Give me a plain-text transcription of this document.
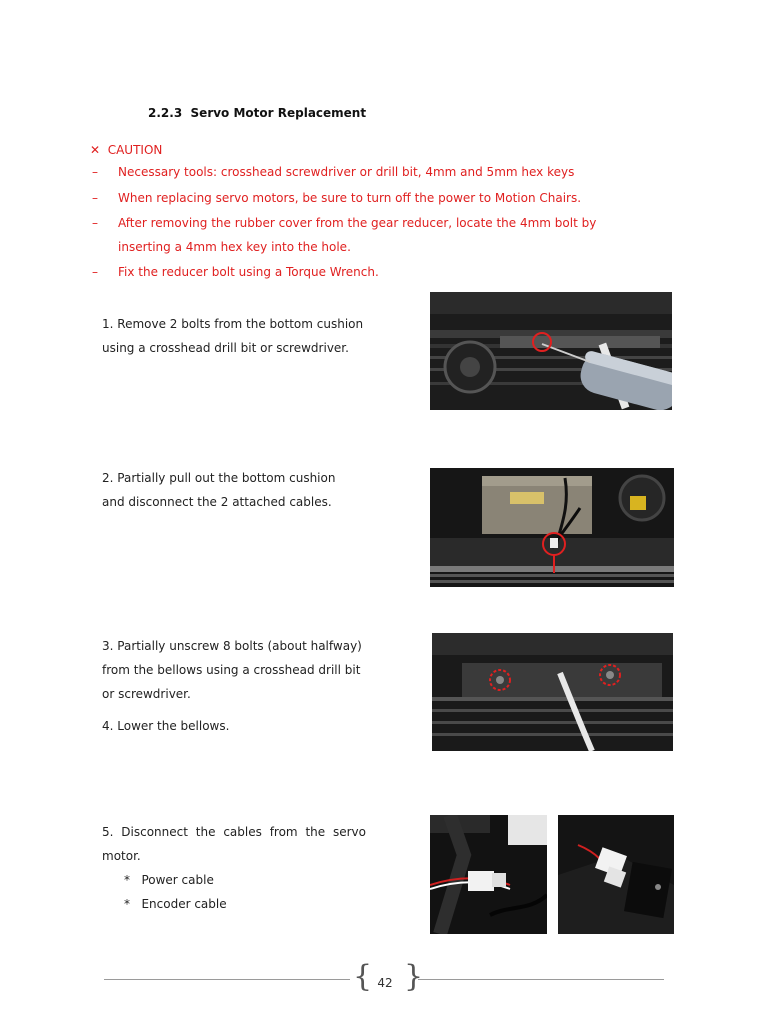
2.2.3 Servo Motor Replacement
✕ CAUTION
– Necessary tools: crosshead screwdriver or drill bit, 4mm and 5mm hex keys
– When replacing servo motors, be sure to turn off the power to Motion Chairs.
– After removing the rubber cover from the gear reducer, locate the 4mm bolt by inserting a 4mm hex key into the hole.
– Fix the reducer bolt using a Torque Wrench.
1. Remove 2 bolts from the bottom cushion
using a crosshead drill bit or screwdriver.
2. Partially pull out the bottom cushion
and disconnect the 2 attached cables.
3. Partially unscrew 8 bolts (about halfway)
from the bellows using a crosshead drill bit
or screwdriver.
4. Lower the bellows.
5. Disconnect the cables from the servo
motor.
* Power cable
* Encoder cable
{ }
42
